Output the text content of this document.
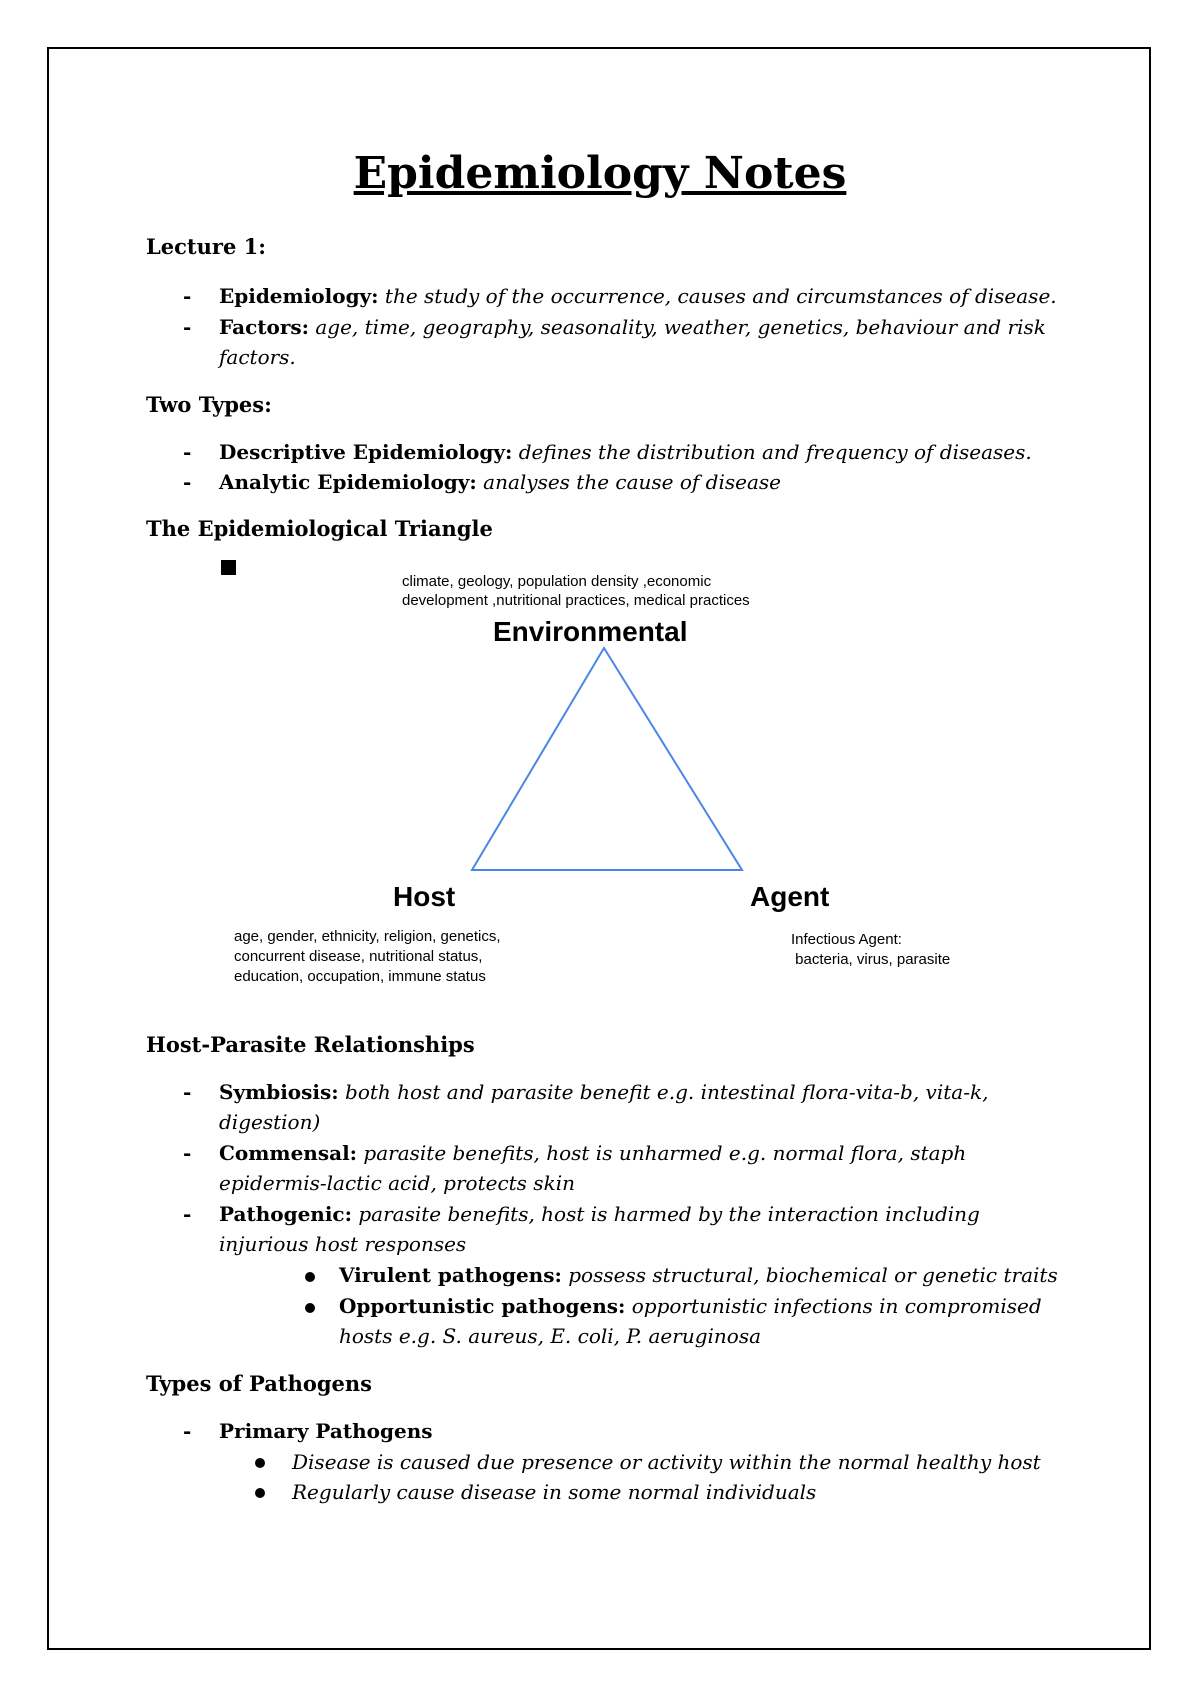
Epidemiology Notes
Lecture 1:
- Epidemiology: the study of the occurrence, causes and circumstances of disease.
- Factors: age, time, geography, seasonality, weather, genetics, behaviour and risk factors.
Two Types:
- Descriptive Epidemiology: defines the distribution and frequency of diseases.
- Analytic Epidemiology: analyses the cause of disease
The Epidemiological Triangle
climate, geology, population density ,economic
development ,nutritional practices, medical practices
Environmental
Host	Agent
age, gender, ethnicity, religion, genetics,
concurrent disease, nutritional status,
education, occupation, immune status
Infectious Agent:
bacteria, virus, parasite
Host-Parasite Relationships
- Symbiosis: both host and parasite benefit e.g. intestinal flora-vita-b, vita-k, digestion)
- Commensal: parasite benefits, host is unharmed e.g. normal flora, staph epidermis-lactic acid, protects skin
- Pathogenic: parasite benefits, host is harmed by the interaction including injurious host responses
Virulent pathogens: possess structural, biochemical or genetic traits
Opportunistic pathogens: opportunistic infections in compromised hosts e.g. S. aureus, E. coli, P. aeruginosa
Types of Pathogens
- Primary Pathogens
Disease is caused due presence or activity within the normal healthy host
Regularly cause disease in some normal individuals
